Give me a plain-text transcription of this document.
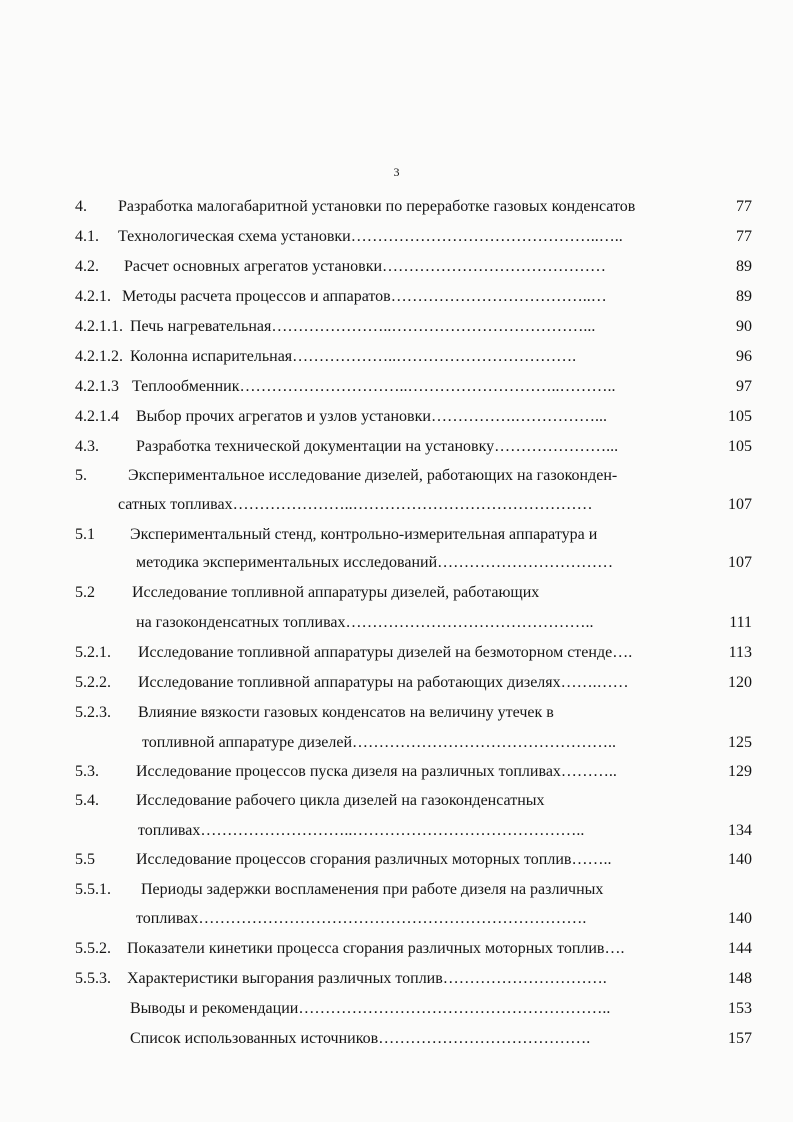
3
4. Разработка малогабаритной установки по переработке газовых конденсатов	77
4.1. Технологическая схема установки………………………………………..…..	77
4.2. Расчет основных агрегатов установки……………………………………	89
4.2.1. Методы расчета процессов и аппаратов………………………………..…	89
4.2.1.1. Печь нагревательная…………………..………………………………...	90
4.2.1.2. Колонна испарительная………………..…………………………….	96
4.2.1.3 Теплообменник…………………………..………………………..………..	97
4.2.1.4 Выбор прочих агрегатов и узлов установки…………….……………...	105
4.3. Разработка технической документации на установку…………………...	105
5.	Экспериментальное исследование дизелей, работающих на газоконден-
сатных топливах…………………..………………………………………	107
5.1 Экспериментальный стенд, контрольно-измерительная аппаратура и
методика экспериментальных исследований……………………………	107
5.2 Исследование топливной аппаратуры дизелей, работающих
на газоконденсатных топливах………………………………………..	111
5.2.1. Исследование топливной аппаратуры дизелей на безмоторном стенде….	113
5.2.2. Исследование топливной аппаратуры на работающих дизелях…….……	120
5.2.3. Влияние вязкости газовых конденсатов на величину утечек в
топливной аппаратуре дизелей…………………………………………..	125
5.3. Исследование процессов пуска дизеля на различных топливах………..	129
5.4. Исследование рабочего цикла дизелей на газоконденсатных
топливах………………………..……………………………………..	134
5.5	Исследование процессов сгорания различных моторных топлив……..	140
5.5.1. Периоды задержки воспламенения при работе дизеля на различных
топливах……………………………………………………………….	140
5.5.2. Показатели кинетики процесса сгорания различных моторных топлив….	144
5.5.3. Характеристики выгорания различных топлив………………………….	148
Выводы и рекомендации…………………………………………………..	153
Список использованных источников………………………………….	157
